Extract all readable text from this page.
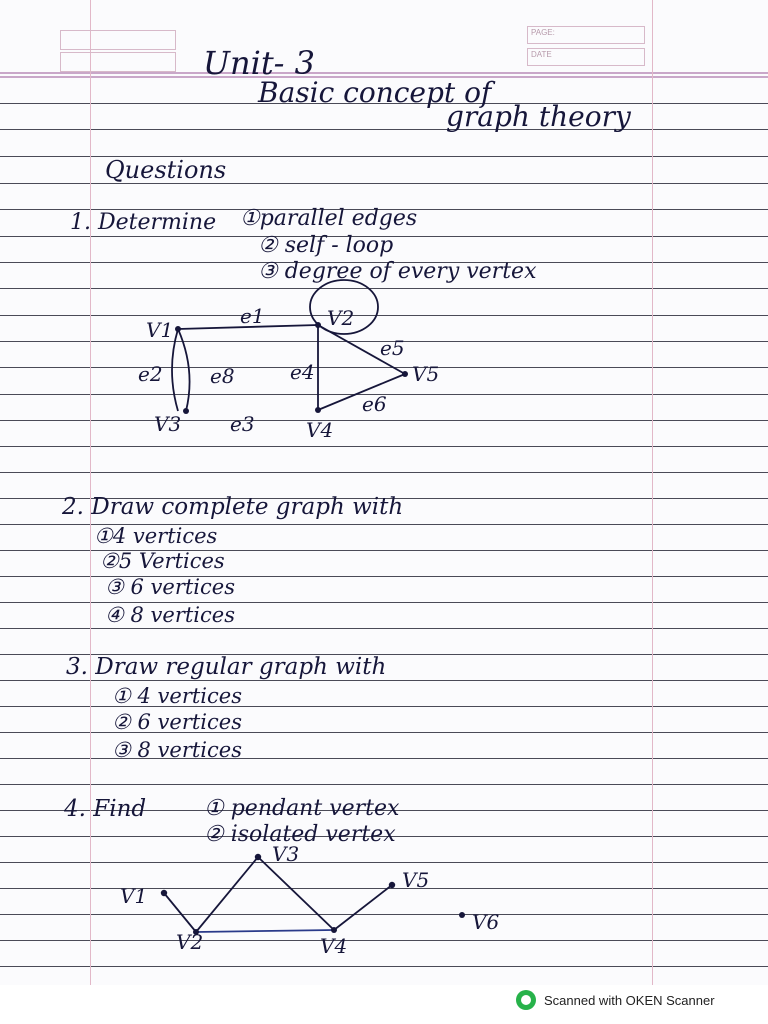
PAGE:
DATE
Unit- 3
Basic concept of
graph theory
Questions
1. Determine ①parallel edges
② self - loop
③ degree of every vertex
V1	V2
V3	V4
V5
e1
e2
e3
e4
e5
e6
e8
2. Draw complete graph with
①4 vertices
②5 Vertices
③ 6 vertices
④ 8 vertices
3. Draw regular graph with
① 4 vertices
② 6 vertices
③ 8 vertices
4. Find	① pendant vertex
② isolated vertex
V1
V2
V3
V4
V5
V6
Scanned with OKEN Scanner
